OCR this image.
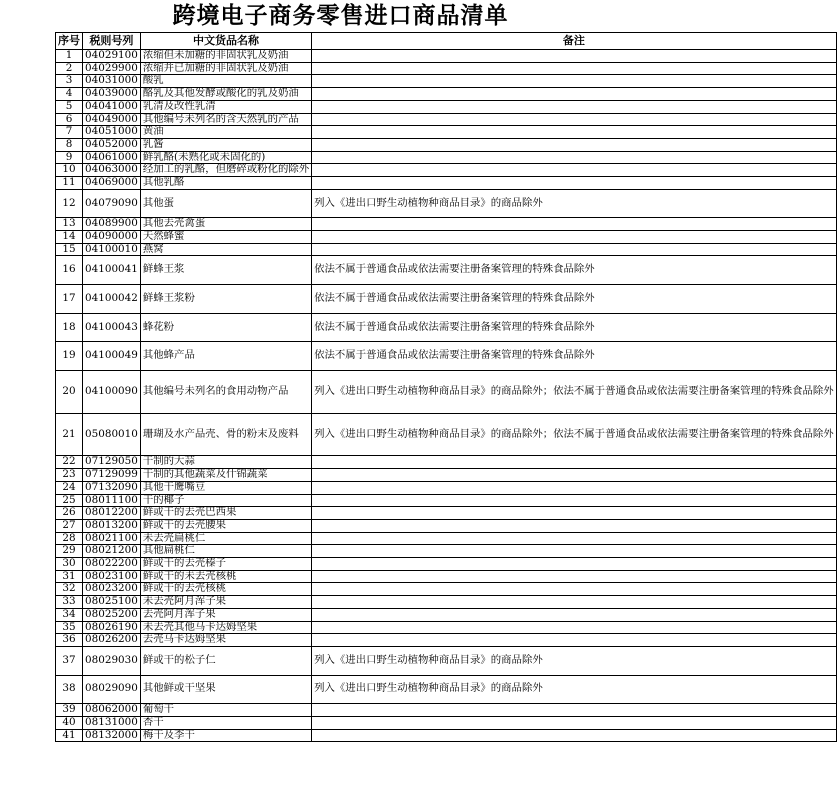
跨境电子商务零售进口商品清单
序号	税则号列	中文货品名称	备注
1	04029100	浓缩但未加糖的非固状乳及奶油	
2	04029900	浓缩并已加糖的非固状乳及奶油	
3	04031000	酸乳	
4	04039000	酪乳及其他发酵或酸化的乳及奶油	
5	04041000	乳清及改性乳清	
6	04049000	其他编号未列名的含天然乳的产品	
7	04051000	黄油	
8	04052000	乳酱	
9	04061000	鲜乳酪(未熟化或未固化的)	
10	04063000	经加工的乳酪，但磨碎或粉化的除外	
11	04069000	其他乳酪	
12	04079090	其他蛋	列入《进出口野生动植物种商品目录》的商品除外
13	04089900	其他去壳禽蛋	
14	04090000	天然蜂蜜	
15	04100010	燕窝	
16	04100041	鲜蜂王浆	依法不属于普通食品或依法需要注册备案管理的特殊食品除外
17	04100042	鲜蜂王浆粉	依法不属于普通食品或依法需要注册备案管理的特殊食品除外
18	04100043	蜂花粉	依法不属于普通食品或依法需要注册备案管理的特殊食品除外
19	04100049	其他蜂产品	依法不属于普通食品或依法需要注册备案管理的特殊食品除外
20	04100090	其他编号未列名的食用动物产品	列入《进出口野生动植物种商品目录》的商品除外；依法不属于普通食品或依法需要注册备案管理的特殊食品除外
21	05080010	珊瑚及水产品壳、骨的粉末及废料	列入《进出口野生动植物种商品目录》的商品除外；依法不属于普通食品或依法需要注册备案管理的特殊食品除外
22	07129050	干制的大蒜	
23	07129099	干制的其他蔬菜及什锦蔬菜	
24	07132090	其他干鹰嘴豆	
25	08011100	干的椰子	
26	08012200	鲜或干的去壳巴西果	
27	08013200	鲜或干的去壳腰果	
28	08021100	未去壳扁桃仁	
29	08021200	其他扁桃仁	
30	08022200	鲜或干的去壳榛子	
31	08023100	鲜或干的未去壳核桃	
32	08023200	鲜或干的去壳核桃	
33	08025100	未去壳阿月浑子果	
34	08025200	去壳阿月浑子果	
35	08026190	未去壳其他马卡达姆坚果	
36	08026200	去壳马卡达姆坚果	
37	08029030	鲜或干的松子仁	列入《进出口野生动植物种商品目录》的商品除外
38	08029090	其他鲜或干坚果	列入《进出口野生动植物种商品目录》的商品除外
39	08062000	葡萄干	
40	08131000	杏干	
41	08132000	梅干及李干	
